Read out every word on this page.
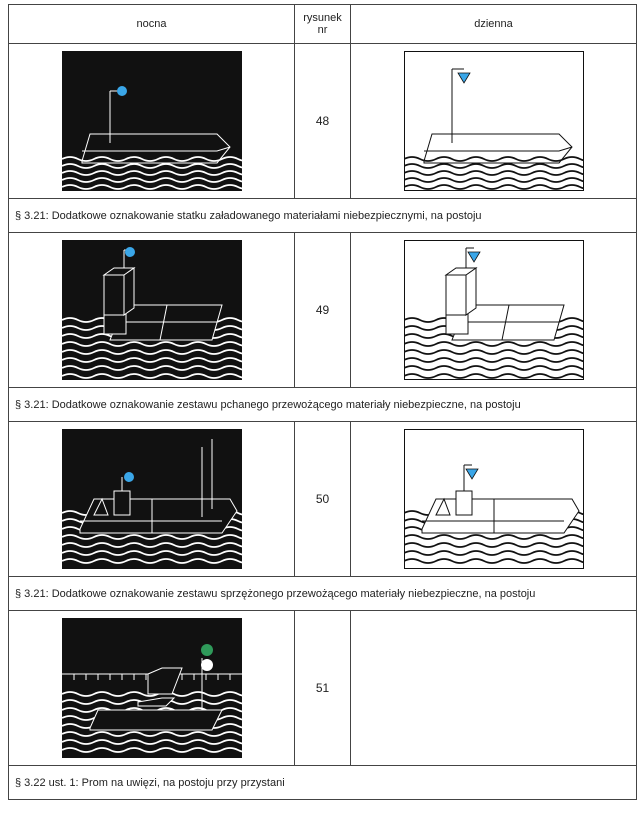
nocna	rysunek nr	dzienna

	48	

§ 3.21: Dodatkowe oznakowanie statku załadowanego materiałami niebezpiecznymi, na postoju		

	49	

§ 3.21: Dodatkowe oznakowanie zestawu pchanego przewożącego materiały niebezpieczne, na postoju		

	50	

§ 3.21: Dodatkowe oznakowanie zestawu sprzężonego przewożącego materiały niebezpieczne, na postoju		

	51	
§ 3.22 ust. 1: Prom na uwięzi, na postoju przy przystani		
